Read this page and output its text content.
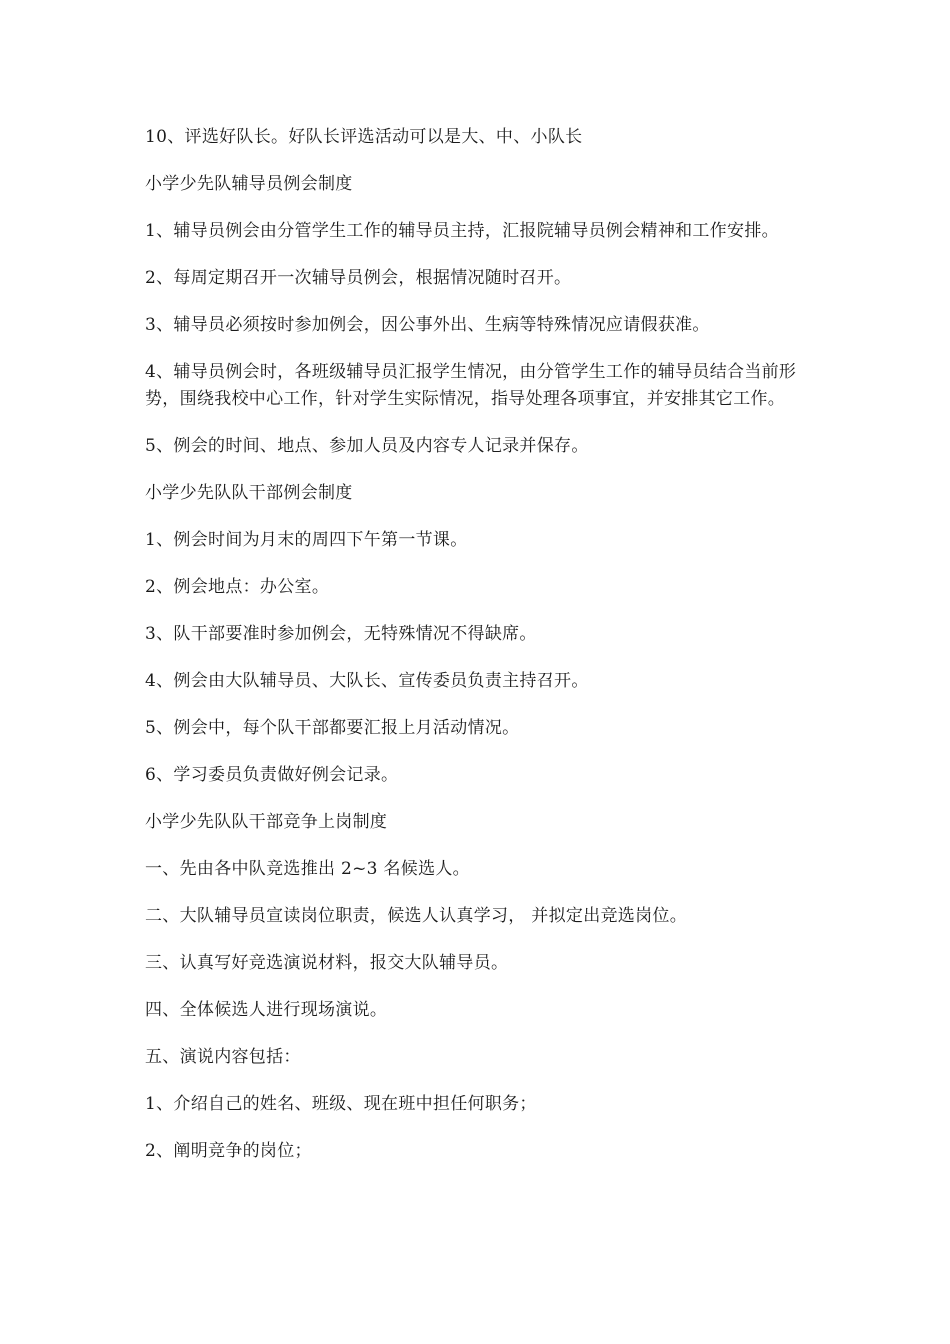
10、评选好队长。好队长评选活动可以是大、中、小队长

小学少先队辅导员例会制度

1、辅导员例会由分管学生工作的辅导员主持，汇报院辅导员例会精神和工作安排。

2、每周定期召开一次辅导员例会，根据情况随时召开。

3、辅导员必须按时参加例会，因公事外出、生病等特殊情况应请假获准。

4、辅导员例会时，各班级辅导员汇报学生情况，由分管学生工作的辅导员结合当前形势，围绕我校中心工作，针对学生实际情况，指导处理各项事宜，并安排其它工作。

5、例会的时间、地点、参加人员及内容专人记录并保存。

小学少先队队干部例会制度

1、例会时间为月末的周四下午第一节课。

2、例会地点：办公室。

3、队干部要准时参加例会，无特殊情况不得缺席。

4、例会由大队辅导员、大队长、宣传委员负责主持召开。

5、例会中，每个队干部都要汇报上月活动情况。

6、学习委员负责做好例会记录。

小学少先队队干部竞争上岗制度

一、先由各中队竞选推出 2~3 名候选人。

二、大队辅导员宣读岗位职责，候选人认真学习， 并拟定出竞选岗位。

三、认真写好竞选演说材料，报交大队辅导员。

四、全体候选人进行现场演说。

五、演说内容包括：

1、介绍自己的姓名、班级、现在班中担任何职务；

2、阐明竞争的岗位；
